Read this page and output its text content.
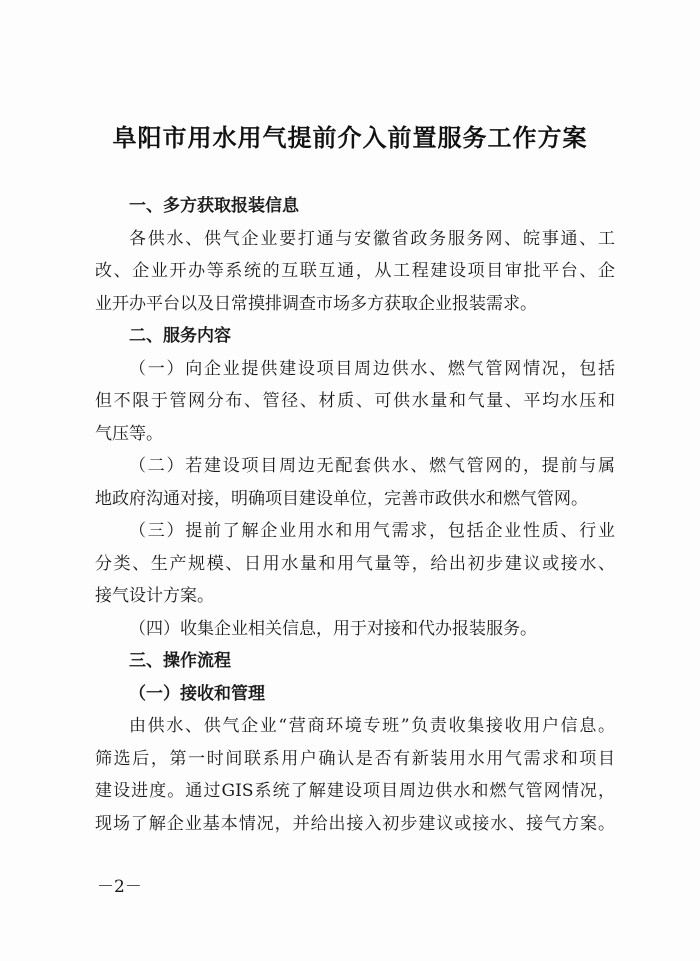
阜阳市用水用气提前介入前置服务工作方案
一、多方获取报装信息
各供水、供气企业要打通与安徽省政务服务网、皖事通、工
改、企业开办等系统的互联互通，从工程建设项目审批平台、企
业开办平台以及日常摸排调查市场多方获取企业报装需求。
二、服务内容
（一）向企业提供建设项目周边供水、燃气管网情况，包括
但不限于管网分布、管径、材质、可供水量和气量、平均水压和
气压等。
（二）若建设项目周边无配套供水、燃气管网的，提前与属
地政府沟通对接，明确项目建设单位，完善市政供水和燃气管网。
（三）提前了解企业用水和用气需求，包括企业性质、行业
分类、生产规模、日用水量和用气量等，给出初步建议或接水、
接气设计方案。
（四）收集企业相关信息，用于对接和代办报装服务。
三、操作流程
（一）接收和管理
由供水、供气企业“营商环境专班”负责收集接收用户信息。
筛选后，第一时间联系用户确认是否有新装用水用气需求和项目
建设进度。通过GIS系统了解建设项目周边供水和燃气管网情况，
现场了解企业基本情况，并给出接入初步建议或接水、接气方案。
－2－
